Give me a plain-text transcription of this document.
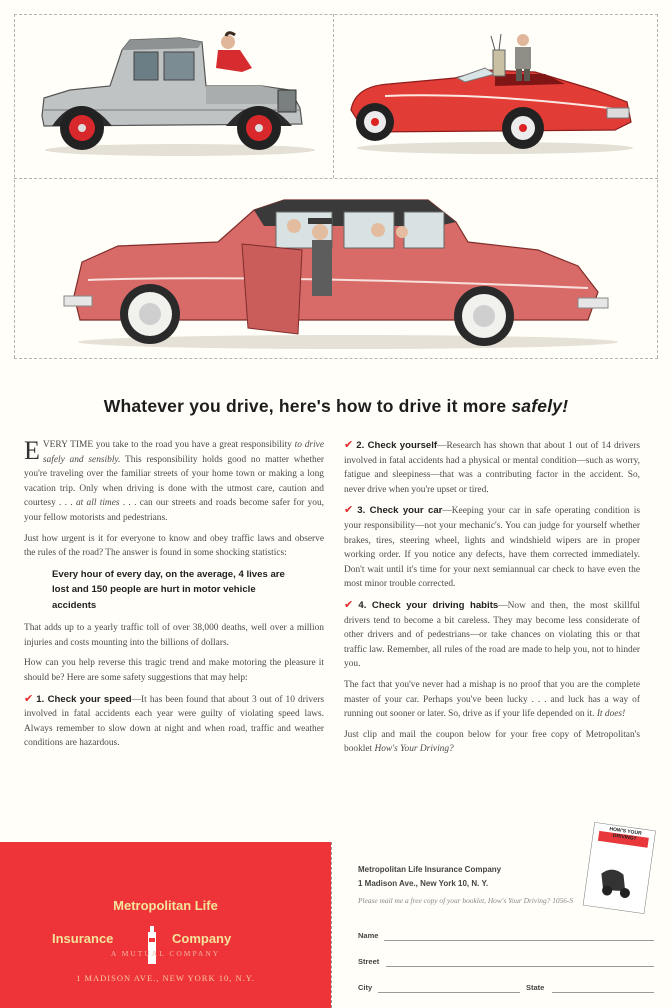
Whatever you drive, here's how to drive it more safely!

EVERY TIME you take to the road you have a great responsibility to drive safely and sensibly. This responsibility holds good no matter whether you're traveling over the familiar streets of your home town or making a long vacation trip. Only when driving is done with the utmost care, caution and courtesy . . . at all times . . . can our streets and roads become safer for you, your fellow motorists and pedestrians.

Just how urgent is it for everyone to know and obey traffic laws and observe the rules of the road? The answer is found in some shocking statistics:

Every hour of every day, on the average, 4 lives are lost and 150 people are hurt in motor vehicle accidents

That adds up to a yearly traffic toll of over 38,000 deaths, well over a million injuries and costs mounting into the billions of dollars.

How can you help reverse this tragic trend and make motoring the pleasure it should be? Here are some safety suggestions that may help:

✔ 1. Check your speed—It has been found that about 3 out of 10 drivers involved in fatal accidents each year were guilty of violating speed laws. Always remember to slow down at night and when road, traffic and weather conditions are hazardous.

✔ 2. Check yourself—Research has shown that about 1 out of 14 drivers involved in fatal accidents had a physical or mental condition—such as worry, fatigue and sleepiness—that was a contributing factor in the accident. So, never drive when you're upset or tired.

✔ 3. Check your car—Keeping your car in safe operating condition is your responsibility—not your mechanic's. You can judge for yourself whether brakes, tires, steering wheel, lights and windshield wipers are in proper working order. If you notice any defects, have them corrected immediately. Don't wait until it's time for your next semiannual car check to have even the most minor trouble corrected.

✔ 4. Check your driving habits—Now and then, the most skillful drivers tend to become a bit careless. They may become less considerate of other drivers and of pedestrians—or take chances on violating this or that traffic law. Remember, all rules of the road are made to help you, not to hinder you.

The fact that you've never had a mishap is no proof that you are the complete master of your car. Perhaps you've been lucky . . . and luck has a way of running out sooner or later. So, drive as if your life depended on it. It does!

Just clip and mail the coupon below for your free copy of Metropolitan's booklet How's Your Driving?

Metropolitan Life
Insurance	Company
A MUTUAL COMPANY
1 MADISON AVE., NEW YORK 10, N.Y.
Metropolitan Life Insurance Company
1 Madison Ave., New York 10, N. Y.
Please mail me a free copy of your booklet, How's Your Driving? 1056-S
Name
Street
City	State
HOW'S YOUR DRIVING?
